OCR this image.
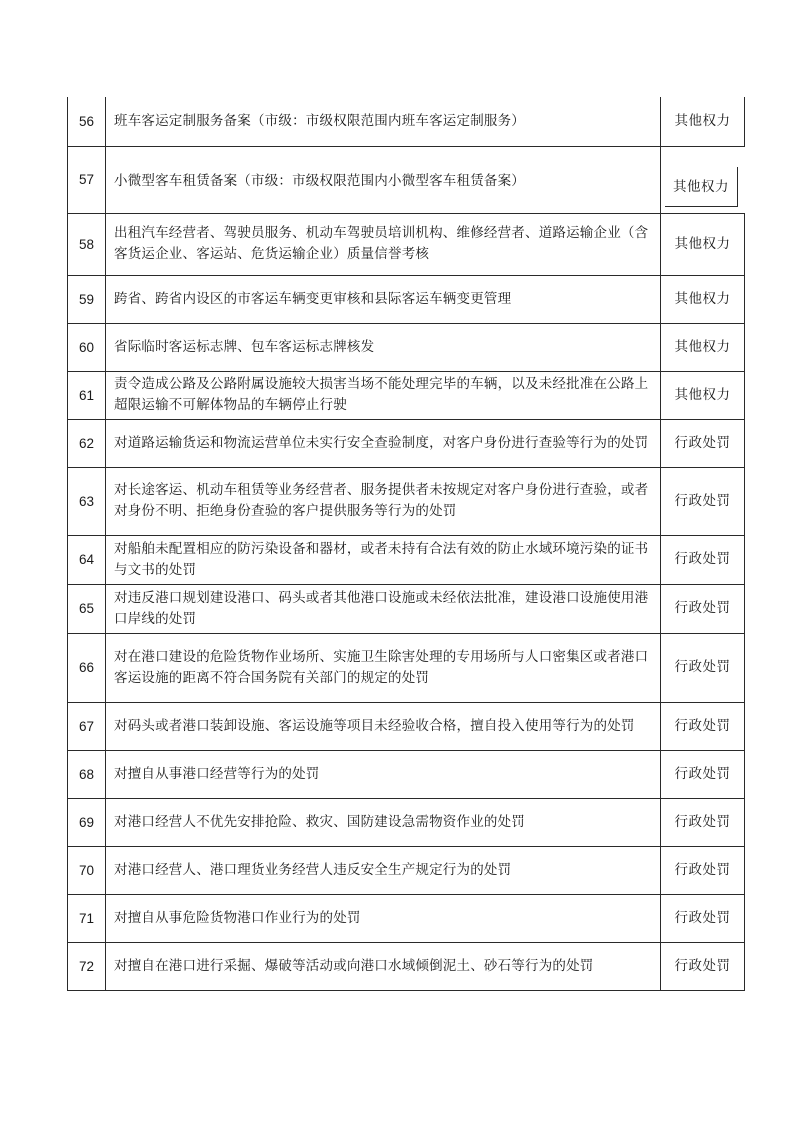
56	班车客运定制服务备案（市级：市级权限范围内班车客运定制服务）	其他权力
57	小微型客车租赁备案（市级：市级权限范围内小微型客车租赁备案）	其他权力

58	出租汽车经营者、驾驶员服务、机动车驾驶员培训机构、维修经营者、道路运输企业（含客货运企业、客运站、危货运输企业）质量信誉考核	其他权力
59	跨省、跨省内设区的市客运车辆变更审核和县际客运车辆变更管理	其他权力
60	省际临时客运标志牌、包车客运标志牌核发	其他权力
61	责令造成公路及公路附属设施较大损害当场不能处理完毕的车辆，以及未经批准在公路上超限运输不可解体物品的车辆停止行驶	其他权力
62	对道路运输货运和物流运营单位未实行安全查验制度，对客户身份进行查验等行为的处罚	行政处罚
63	对长途客运、机动车租赁等业务经营者、服务提供者未按规定对客户身份进行查验，或者对身份不明、拒绝身份查验的客户提供服务等行为的处罚	行政处罚
64	对船舶未配置相应的防污染设备和器材，或者未持有合法有效的防止水域环境污染的证书与文书的处罚	行政处罚
65	对违反港口规划建设港口、码头或者其他港口设施或未经依法批准，建设港口设施使用港口岸线的处罚	行政处罚
66	对在港口建设的危险货物作业场所、实施卫生除害处理的专用场所与人口密集区或者港口客运设施的距离不符合国务院有关部门的规定的处罚	行政处罚
67	对码头或者港口装卸设施、客运设施等项目未经验收合格，擅自投入使用等行为的处罚	行政处罚
68	对擅自从事港口经营等行为的处罚	行政处罚
69	对港口经营人不优先安排抢险、救灾、国防建设急需物资作业的处罚	行政处罚
70	对港口经营人、港口理货业务经营人违反安全生产规定行为的处罚	行政处罚
71	对擅自从事危险货物港口作业行为的处罚	行政处罚
72	对擅自在港口进行采掘、爆破等活动或向港口水域倾倒泥土、砂石等行为的处罚	行政处罚
